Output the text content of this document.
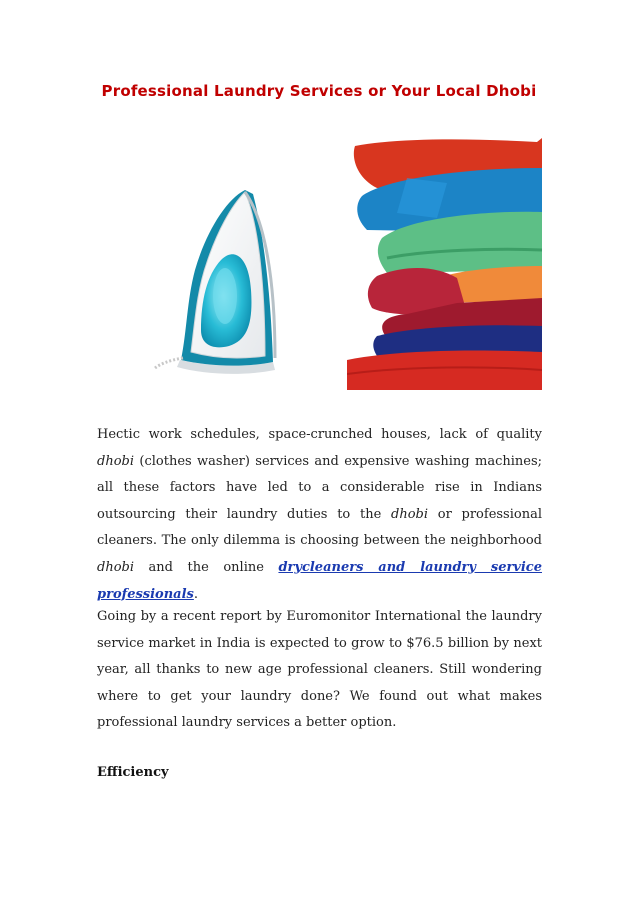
Professional Laundry Services or Your Local Dhobi
Hectic work schedules, space-crunched houses, lack of quality dhobi (clothes washer) services and expensive washing machines; all these factors have led to a considerable rise in Indians outsourcing their laundry duties to the dhobi or professional cleaners. The only dilemma is choosing between the neighborhood dhobi and the online drycleaners and laundry service professionals.
Going by a recent report by Euromonitor International the laundry service market in India is expected to grow to $76.5 billion by next year, all thanks to new age professional cleaners. Still wondering where to get your laundry done? We found out what makes professional laundry services a better option.
Efficiency
